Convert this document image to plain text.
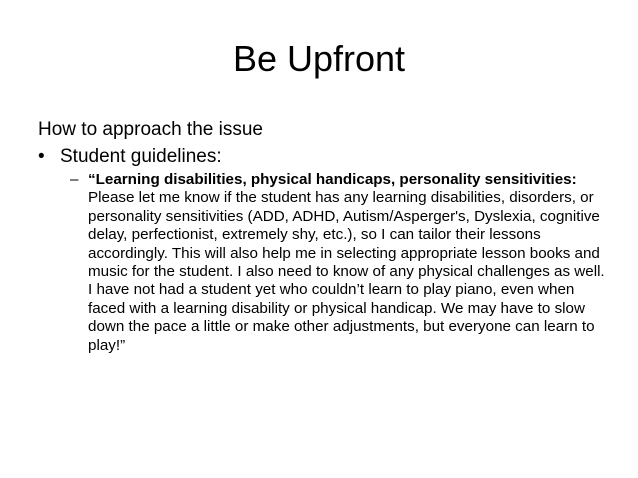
Be Upfront
How to approach the issue
• Student guidelines:
– “Learning disabilities, physical handicaps, personality sensitivities: Please let me know if the student has any learning disabilities, disorders, or personality sensitivities (ADD, ADHD, Autism/Asperger's, Dyslexia, cognitive delay, perfectionist, extremely shy, etc.), so I can tailor their lessons accordingly. This will also help me in selecting appropriate lesson books and music for the student. I also need to know of any physical challenges as well. I have not had a student yet who couldn’t learn to play piano, even when faced with a learning disability or physical handicap. We may have to slow down the pace a little or make other adjustments, but everyone can learn to play!”
